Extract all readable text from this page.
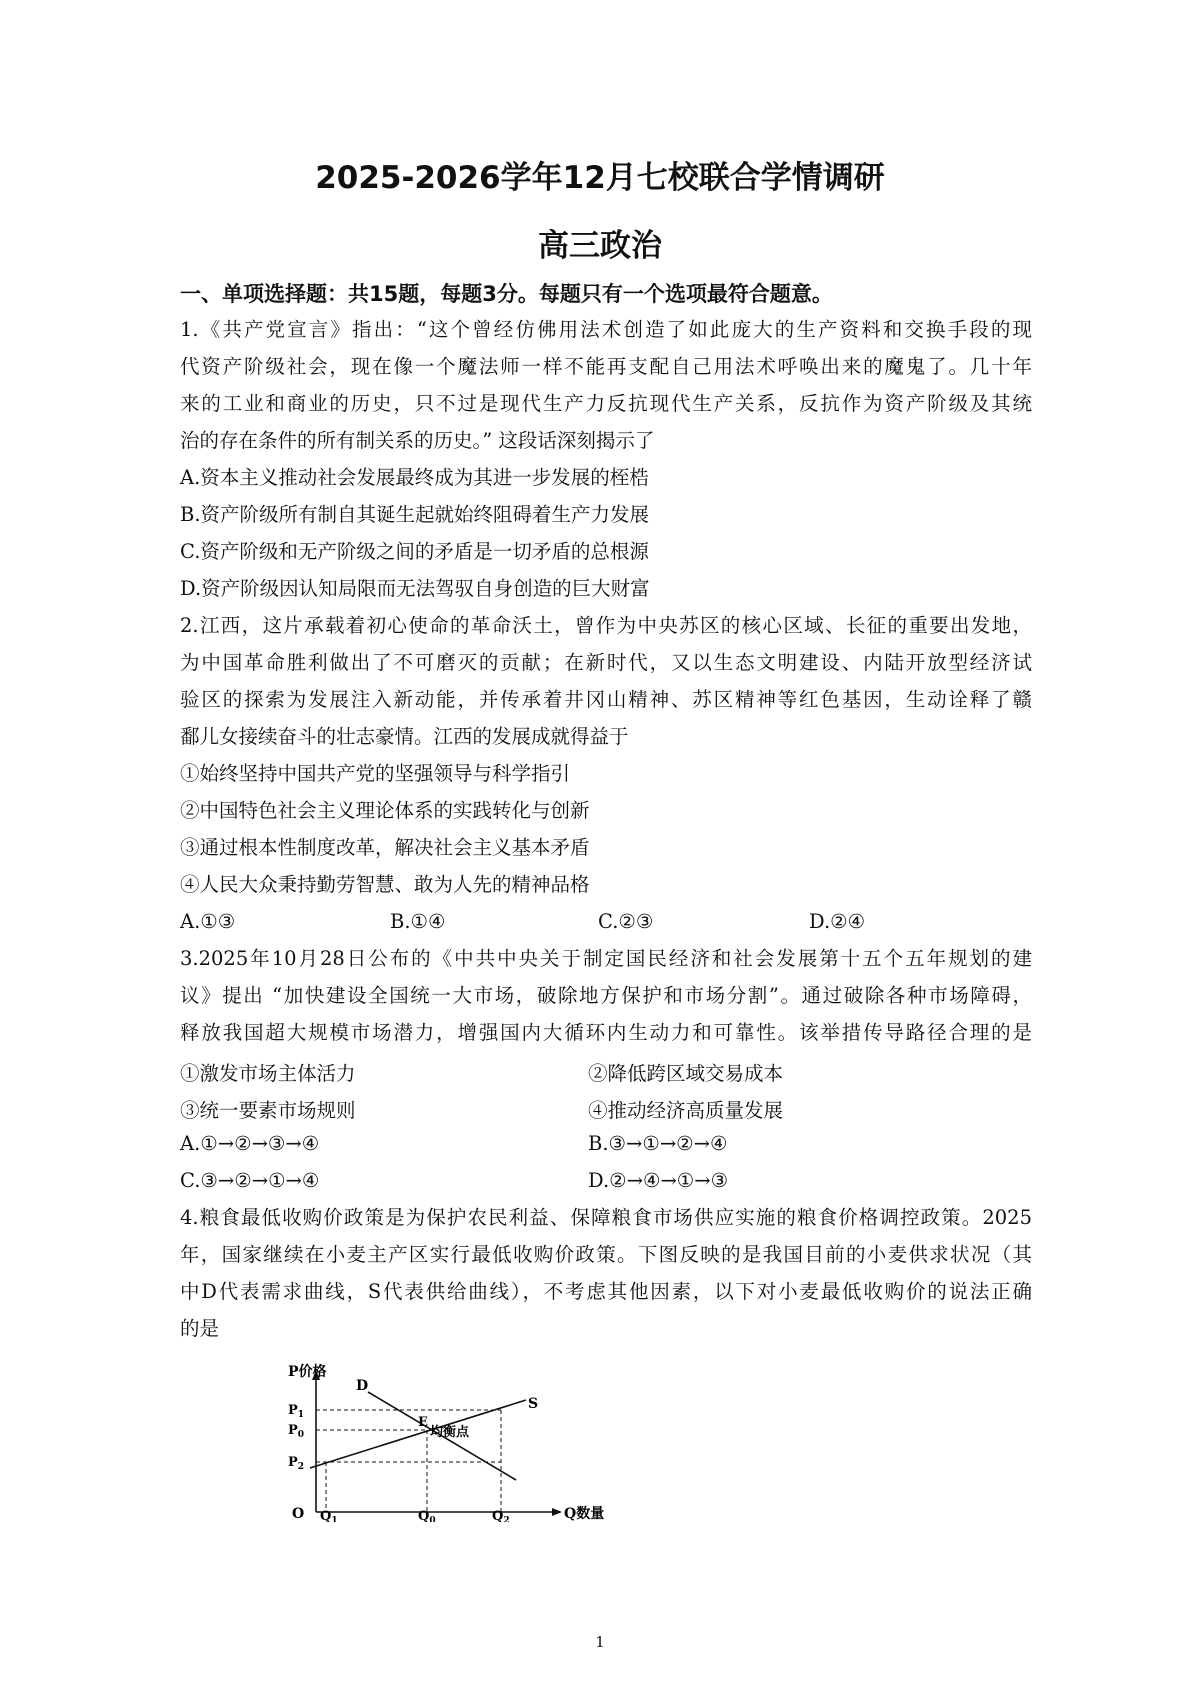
2025-2026学年12月七校联合学情调研
高三政治
一、单项选择题：共15题，每题3分。每题只有一个选项最符合题意。
1.《共产党宣言》指出：“这个曾经仿佛用法术创造了如此庞大的生产资料和交换手段的现
代资产阶级社会，现在像一个魔法师一样不能再支配自己用法术呼唤出来的魔鬼了。几十年
来的工业和商业的历史，只不过是现代生产力反抗现代生产关系，反抗作为资产阶级及其统
治的存在条件的所有制关系的历史。” 这段话深刻揭示了
A.资本主义推动社会发展最终成为其进一步发展的桎梏
B.资产阶级所有制自其诞生起就始终阻碍着生产力发展
C.资产阶级和无产阶级之间的矛盾是一切矛盾的总根源
D.资产阶级因认知局限而无法驾驭自身创造的巨大财富
2.江西，这片承载着初心使命的革命沃土，曾作为中央苏区的核心区域、长征的重要出发地，
为中国革命胜利做出了不可磨灭的贡献；在新时代，又以生态文明建设、内陆开放型经济试
验区的探索为发展注入新动能，并传承着井冈山精神、苏区精神等红色基因，生动诠释了赣
鄱儿女接续奋斗的壮志豪情。江西的发展成就得益于
①始终坚持中国共产党的坚强领导与科学指引
②中国特色社会主义理论体系的实践转化与创新
③通过根本性制度改革，解决社会主义基本矛盾
④人民大众秉持勤劳智慧、敢为人先的精神品格
A.①③	B.①④	C.②③	D.②④
3.2025年10月28日公布的《中共中央关于制定国民经济和社会发展第十五个五年规划的建
议》提出 “加快建设全国统一大市场，破除地方保护和市场分割”。通过破除各种市场障碍，
释放我国超大规模市场潜力，增强国内大循环内生动力和可靠性。该举措传导路径合理的是
①激发市场主体活力	②降低跨区域交易成本
③统一要素市场规则	④推动经济高质量发展
A.①→②→③→④	B.③→①→②→④
C.③→②→①→④	D.②→④→①→③
4.粮食最低收购价政策是为保护农民利益、保障粮食市场供应实施的粮食价格调控政策。2025
年，国家继续在小麦主产区实行最低收购价政策。下图反映的是我国目前的小麦供求状况（其
中D代表需求曲线，S代表供给曲线），不考虑其他因素，以下对小麦最低收购价的说法正确
的是
P价格
Q数量
O
D
S
E
均衡点
$P_1$
$P_0$
$P_2$
$Q_1$	$Q_0$	$Q_2$
1
